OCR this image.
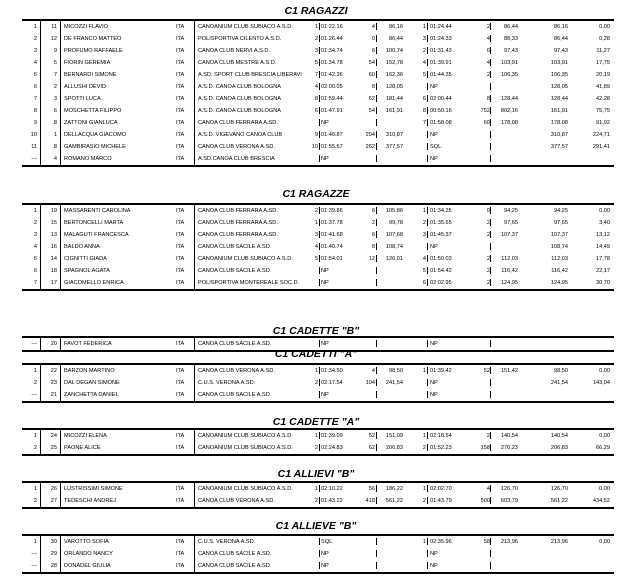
C1 RAGAZZI
1	11 MICOZZI FLAVIO	ITA	CANOANIUM CLUB SUBIACO A.S.D.	1 01:22.16	4	86,16	1 01:24.44	2	86,44	86,16	0,00
2	12 DE FRANCO MATTEO	ITA	POLISPORTIVA CILENTO A.S.D.	2 01:26.44	0	86,44	3 01:24.33	4	88,33	86,44	0,28
3	9 PROFUMO RAFFAELE	ITA	CANOA CLUB NERVI A.S.D.	3 01:34.74	6	100,74	2 01:31.43	6	97,43	97,43	11,27
4	5 FIORIN GEREMIA	ITA	CANOA CLUB MESTRE A.S.D.	5 01:34.78	54	152,78	4 01:39.91	4	103,91	103,91	17,75
5	7 BERNARDI SIMONE	ITA	A.SD. SPORT CLUB BRESCIA LIBERAVI	7 01:42.36	60	162,36	5 01:44.35	2	106,35	106,35	20,19
6	2 ALLUSHI DEVID	ITA	A.S.D. CANOA CLUB BOLOGNA	4 02:00.05	8	128,05	NP	128,05	41,89
7	3 SPOTTI LUCA	ITA	A.S.D. CANOA CLUB BOLOGNA	8 01:59.44	62	181,44	6 02:00.44	8	128,44	128,44	42,28
8	6 MOSCHETTA FILIPPO	ITA	A.S.D. CANOA CLUB BOLOGNA	6 01:47.91	54	161,91	8 00:50.16	752	802,16	161,91	75,75
9	8 ZATTONI GIANLUCA	ITA	CANOA CLUB FERRARA A.SD.	NP	7 01:58.08	60	178,08	178,08	91,92
10	1 DELLACQUA GIACOMO	ITA	A.S.D. VIGEVANO CANOA CLUB	9 01:46.87	204	310,87	NP	310,87	224,71
11	8 GAMBIRASIO MICHELE	ITA	CANOA CLUB VERONA A.SD.	10 01:55.57	262	377,57	SQL	377,57	291,41
---	4 ROMANO MARCO	ITA	A.SD.CANOA CLUB BRESCIA	NP	NP
C1 RAGAZZE
1	19 MASSARENTI CAROLINA	ITA	CANOA CLUB FERRARA A.SD.	2 01:39.86	6	105,86	1 01:34.25	0	94,25	94,25	0,00
2	15 BERTONCELLI MARTA	ITA	CANOA CLUB FERRARA A.SD.	1 01:37.78	2	99,78	2 01:35.65	2	97,65	97,65	3,40
3	13 MALAGUTI FRANCESCA	ITA	CANOA CLUB FERRARA A.SD.	3 01:41.68	6	107,68	3 01:45.37	2	107,37	107,37	13,12
4	16 BALDO ANNA	ITA	CANOA CLUB SACILE A.SD.	4 01:40.74	8	108,74	NP	108,74	14,49
5	14 CIGNITTI GIADA	ITA	CANOANIUM CLUB SUBIACO A.S.D.	5 01:54.01	12	126,01	4 01:50.03	2	112,03	112,03	17,78
6	18 SPAGNOL AGATA	ITA	CANOA CLUB SACILE A.SD.	NP	5 01:54.42	2	116,42	116,42	22,17
7	17 GIACOMELLO ENRICA	ITA	POLISPORTIVA MONTEREALE SOC.D.	NP	6 02:02.95	2	124,95	124,95	30,70
C1 CADETTE "B"
---	20 FAVOT FEDERICA	ITA	CANOA CLUB SACILE A.SD.	NP	NP
C1 CADETTI "A"
1	22 BARZON MARTINO	ITA	CANOA CLUB VERONA A.SD.	1 01:34.50	4	98,50	1 01:39.42	52	151,42	98,50	0,00
2	23 DAL DEGAN SIMONE	ITA	C.U.S. VERONA A.SD.	2 02:17.54	104	241,54	NP	241,54	143,04
---	21 ZANCHETTA DANIEL	ITA	CANOA CLUB SACILE A.SD.	NP	NP
C1 CADETTE "A"
1	24 MICOZZI ELENA	ITA	CANOANIUM CLUB SUBIACO A.S.D.	1 01:39.09	52	151,09	1 02:18.54	2	140,54	140,54	0,00
2	25 PAONE ALICE	ITA	CANOANIUM CLUB SUBIACO A.S.D.	2 02:24.83	62	206,83	2 01:52.23	158	270,23	206,83	66,29
C1 ALLIEVI "B"
1	26 LUSTRISSIMI SIMONE	ITA	CANOANIUM CLUB SUBIACO A.S.D.	1 02:10.22	56	186,22	1 02:02.70	4	126,70	126,70	0,00
2	27 TEDESCHI ANDREJ	ITA	CANOA CLUB VERONA A.SD.	2 01:43.22	418	561,22	2 01:43.79	500	603,79	561,22	434,52
C1 ALLIEVE "B"
1	30 VAROTTO SOFIA	ITA	C.U.S. VERONA A.SD.	SQL	1 02:35.96	58	213,96	213,96	0,00
---	29 ORLANDO NANCY	ITA	CANOA CLUB SACILE A.SD.	NP	NP
---	28 DONADEL GIULIA	ITA	CANOA CLUB SACILE A.SD.	NP	NP
